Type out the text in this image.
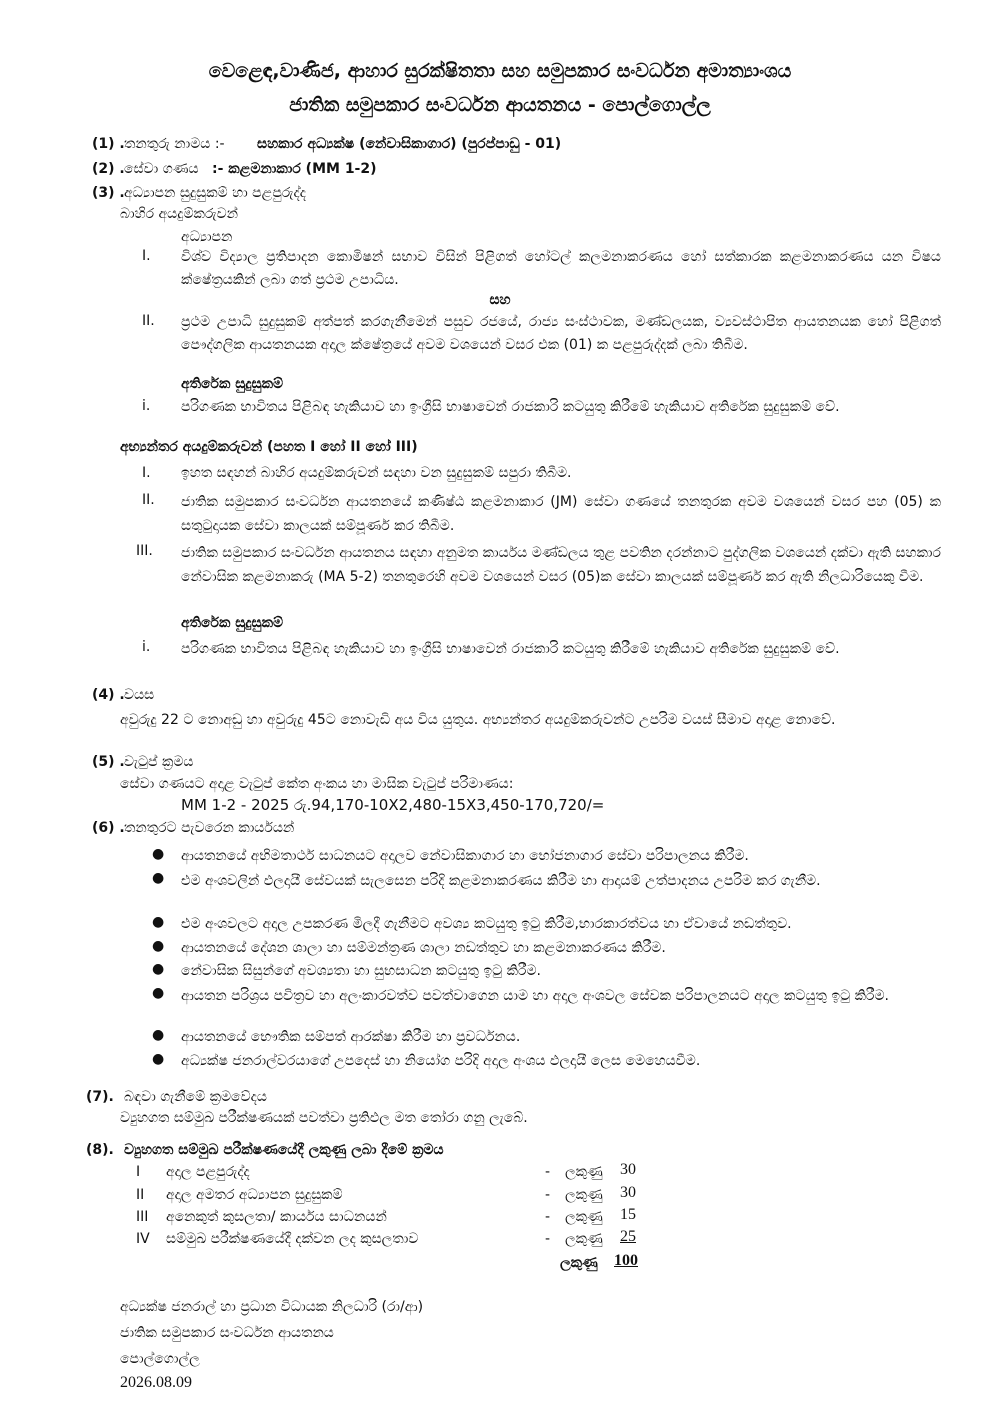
වෙළෙඳ,වාණිජ, ආහාර සුරක්ෂිතතා සහ සමුපකාර සංවර්ධන අමාත්‍යාංශය
ජාතික සමුපකාර සංවර්ධන ආයතනය - පොල්ගොල්ල
(1) . තනතුරු නාමය :- සහකාර අධ්‍යක්ෂ (නේවාසිකාගාර) (පුරප්පාඩු - 01)
(2) . සේවා ගණය :- කළමනාකාර (MM 1-2)
(3) . අධ්‍යාපන සුදුසුකම් හා පළපුරුද්ද
බාහිර අයදුම්කරුවන්
අධ්‍යාපන
I. විශ්ව විද්‍යාල ප්‍රතිපාදන කොමිෂන් සභාව විසින් පිළිගත් හෝටල් කලමනාකරණය හෝ සත්කාරක කළමනාකරණය යන විෂය ක්ෂේත්‍රයකින් ලබා ගත් ප්‍රථම උපාධිය.
සහ
II. ප්‍රථම උපාධි සුදුසුකම් අත්පත් කරගැනීමෙන් පසුව රජයේ, රාජ්‍ය සංස්ථාවක, මණ්ඩලයක, ව්‍යවස්ථාපිත ආයතනයක හෝ පිළිගත් පෞද්ගලික ආයතනයක අදාල ක්ෂේත්‍රයේ අවම වශයෙන් වසර එක (01) ක පළපුරුද්දක් ලබා තිබීම.
අතිරේක සුදුසුකම්
i. පරිගණක භාවිතය පිළිබඳ හැකියාව හා ඉංග්‍රීසි භාෂාවෙන් රාජකාරි කටයුතු කිරීමේ හැකියාව අතිරේක සුදුසුකම් වේ.
අභ්‍යන්තර අයදුම්කරුවන් (පහත I හෝ II හෝ III)
I. ඉහත සඳහන් බාහිර අයදුම්කරුවන් සඳහා වන සුදුසුකම් සපුරා තිබීම.
II. ජාතික සමුපකාර සංවර්ධන ආයතනයේ කණිෂ්ඨ කළමනාකාර (JM) සේවා ගණයේ තනතුරක අවම වශයෙන් වසර පහ (05) ක සතුටුදායක සේවා කාලයක් සම්පූර්ණ කර තිබීම.
III. ජාතික සමුපකාර සංවර්ධන ආයතනය සඳහා අනුමත කාර්යය මණ්ඩලය තුළ පවතින දරන්නාට පුද්ගලික වශයෙන් දක්වා ඇති සහකාර නේවාසික කළමනාකරු (MA 5-2) තනතුරෙහි අවම වශයෙන් වසර (05)ක සේවා කාලයක් සම්පූර්ණ කර ඇති නිලධාරියෙකු වීම.
අතිරේක සුදුසුකම්
i. පරිගණක භාවිතය පිළිබඳ හැකියාව හා ඉංග්‍රීසි භාෂාවෙන් රාජකාරි කටයුතු කිරීමේ හැකියාව අතිරේක සුදුසුකම් වේ.
(4) . වයස
අවුරුදු 22 ට නොඅඩු හා අවුරුදු 45ට නොවැඩි අය විය යුතුය. අභ්‍යන්තර අයදුම්කරුවන්ට උපරිම වයස් සීමාව අදාළ නොවේ.
(5) . වැටුප් ක්‍රමය
සේවා ගණයට අදාළ වැටුප් කේත අංකය හා මාසික වැටුප් පරිමාණය:
MM 1-2 - 2025 රු.94,170-10X2,480-15X3,450-170,720/=
(6) . තනතුරට පැවරෙන කාර්යයන්
● ආයතනයේ අභිමතාර්ථ සාධනයට අදාලව නේවාසිකාගාර හා භෝජනාගාර සේවා පරිපාලනය කිරීම.
● එම අංශවලින් ඵලදායී සේවයක් සැලසෙන පරිදි කළමනාකරණය කිරීම හා ආදායම් උත්පාදනය උපරිම කර ගැනීම.
● එම අංශවලට අදාල උපකරණ මිලදී ගැනීමට අවශ්‍ය කටයුතු ඉටු කිරීම,භාරකාරත්වය හා ඒවායේ නඩත්තුව.
● ආයතනයේ දේශන ශාලා හා සම්මන්ත්‍රණ ශාලා නඩත්තුව හා කළමනාකරණය කිරීම.
● නේවාසික සිසුන්ගේ අවශ්‍යතා හා සුභසාධන කටයුතු ඉටු කිරීම.
● ආයතන පරිශ්‍රය පවිත්‍රව හා අලංකාරවත්ව පවත්වාගෙන යාම හා අදාල අංශවල සේවක පරිපාලනයට අදාල කටයුතු ඉටු කිරීම.
● ආයතනයේ භෞතික සම්පත් ආරක්ෂා කිරීම හා ප්‍රවර්ධනය.
● අධ්‍යක්ෂ ජනරාල්වරයාගේ උපදෙස් හා නියෝග පරිදි අදාල අංශය ඵලදායී ලෙස මෙහෙයවීම.
(7). බඳවා ගැනීමේ ක්‍රමවේදය
ව්‍යුහගත සම්මුඛ පරීක්ෂණයක් පවත්වා ප්‍රතිඵල මත තෝරා ගනු ලැබේ.
(8). ව්‍යුහගත සම්මුඛ පරීක්ෂණයේදී ලකුණු ලබා දීමේ ක්‍රමය
I අදාල පළපුරුද්ද	- ලකුණු 30
II අදාල අමතර අධ්‍යාපන සුදුසුකම්	- ලකුණු 30
III අනෙකුත් කුසලතා/ කාර්යය සාධනයන්	- ලකුණු 15
IV සම්මුඛ පරීක්ෂණයේදී දක්වන ලද කුසලතාව	- ලකුණු 25
ලකුණු 100
අධ්‍යක්ෂ ජනරාල් හා ප්‍රධාන විධායක නිලධාරි (රා/ආ)
ජාතික සමුපකාර සංවර්ධන ආයතනය
පොල්ගොල්ල
2026.08.09
